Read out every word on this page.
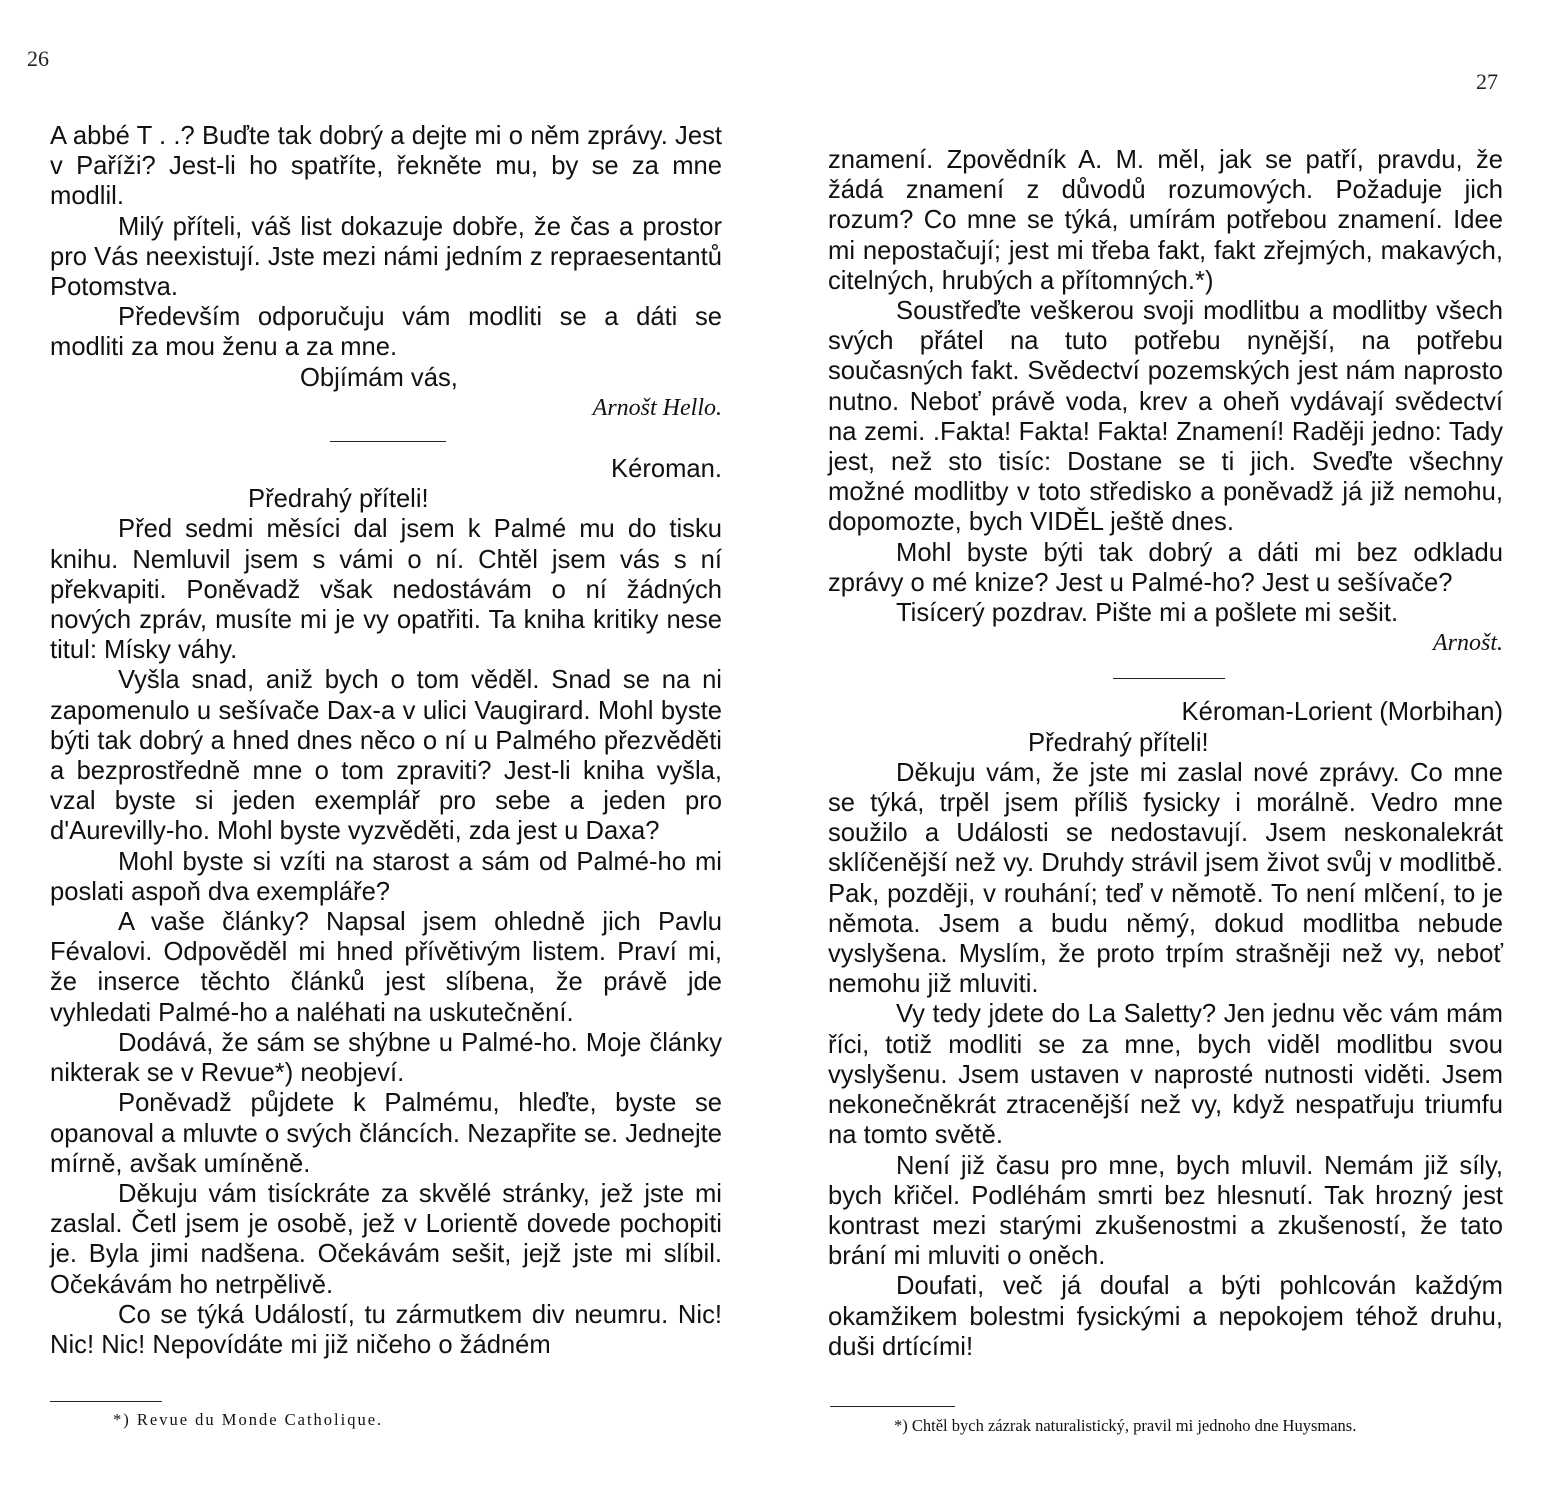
26

A abbé T . .? Buďte tak dobrý a dejte mi o něm zprávy. Jest v Paříži? Jest-li ho spatříte, řekněte mu, by se za mne modlil.

Milý příteli, váš list dokazuje dobře, že čas a prostor pro Vás neexistují. Jste mezi námi jedním z repraesentantů Potomstva.

Především odporučuju vám modliti se a dáti se modliti za mou ženu a za mne.

Objímám vás,

Arnošt Hello.

Kéroman.

Předrahý příteli!

Před sedmi měsíci dal jsem k Palmé mu do tisku knihu. Nemluvil jsem s vámi o ní. Chtěl jsem vás s ní překvapiti. Poněvadž však nedostávám o ní žádných nových zpráv, musíte mi je vy opatřiti. Ta kniha kritiky nese titul: Mísky váhy.

Vyšla snad, aniž bych o tom věděl. Snad se na ni zapomenulo u sešívače Dax-a v ulici Vaugirard. Mohl byste býti tak dobrý a hned dnes něco o ní u Palmého přezvěděti a bezprostředně mne o tom zpraviti? Jest-li kniha vyšla, vzal byste si jeden exemplář pro sebe a jeden pro d'Aurevilly-ho. Mohl byste vyzvěděti, zda jest u Daxa?

Mohl byste si vzíti na starost a sám od Palmé-ho mi poslati aspoň dva exempláře?

A vaše články? Napsal jsem ohledně jich Pavlu Févalovi. Odpověděl mi hned přívětivým listem. Praví mi, že inserce těchto článků jest slíbena, že právě jde vyhledati Palmé-ho a naléhati na uskutečnění.

Dodává, že sám se shýbne u Palmé-ho. Moje články nikterak se v Revue*) neobjeví.

Poněvadž půjdete k Palmému, hleďte, byste se opanoval a mluvte o svých článcích. Nezapřite se. Jednejte mírně, avšak umíněně.

Děkuju vám tisíckráte za skvělé stránky, jež jste mi zaslal. Četl jsem je osobě, jež v Lorientě dovede pochopiti je. Byla jimi nadšena. Očekávám sešit, jejž jste mi slíbil. Očekávám ho netrpělivě.

Co se týká Událostí, tu zármutkem div neumru. Nic! Nic! Nic! Nepovídáte mi již ničeho o žádném

*) Revue du Monde Catholique.
27

znamení. Zpovědník A. M. měl, jak se patří, pravdu, že žádá znamení z důvodů rozumových. Požaduje jich rozum? Co mne se týká, umírám potřebou znamení. Idee mi nepostačují; jest mi třeba fakt, fakt zřejmých, makavých, citelných, hrubých a přítomných.*)

Soustřeďte veškerou svoji modlitbu a modlitby všech svých přátel na tuto potřebu nynější, na potřebu současných fakt. Svědectví pozemských jest nám naprosto nutno. Neboť právě voda, krev a oheň vydávají svědectví na zemi. .Fakta! Fakta! Fakta! Znamení! Raději jedno: Tady jest, než sto tisíc: Dostane se ti jich. Sveďte všechny možné modlitby v toto středisko a poněvadž já již nemohu, dopomozte, bych VIDĚL ještě dnes.

Mohl byste býti tak dobrý a dáti mi bez odkladu zprávy o mé knize? Jest u Palmé-ho? Jest u sešívače?

Tisícerý pozdrav. Pište mi a pošlete mi sešit.

Arnošt.

Kéroman-Lorient (Morbihan)

Předrahý příteli!

Děkuju vám, že jste mi zaslal nové zprávy. Co mne se týká, trpěl jsem příliš fysicky i morálně. Vedro mne soužilo a Události se nedostavují. Jsem neskonalekrát sklíčenější než vy. Druhdy strávil jsem život svůj v modlitbě. Pak, později, v rouhání; teď v němotě. To není mlčení, to je němota. Jsem a budu němý, dokud modlitba nebude vyslyšena. Myslím, že proto trpím strašněji než vy, neboť nemohu již mluviti.

Vy tedy jdete do La Saletty? Jen jednu věc vám mám říci, totiž modliti se za mne, bych viděl modlitbu svou vyslyšenu. Jsem ustaven v naprosté nutnosti viděti. Jsem nekonečněkrát ztracenější než vy, když nespatřuju triumfu na tomto světě.

Není již času pro mne, bych mluvil. Nemám již síly, bych křičel. Podléhám smrti bez hlesnutí. Tak hrozný jest kontrast mezi starými zkušenostmi a zkušeností, že tato brání mi mluviti o oněch.

Doufati, več já doufal a býti pohlcován každým okamžikem bolestmi fysickými a nepokojem téhož druhu, duši drtícími!

*) Chtěl bych zázrak naturalistický, pravil mi jednoho dne Huysmans.
